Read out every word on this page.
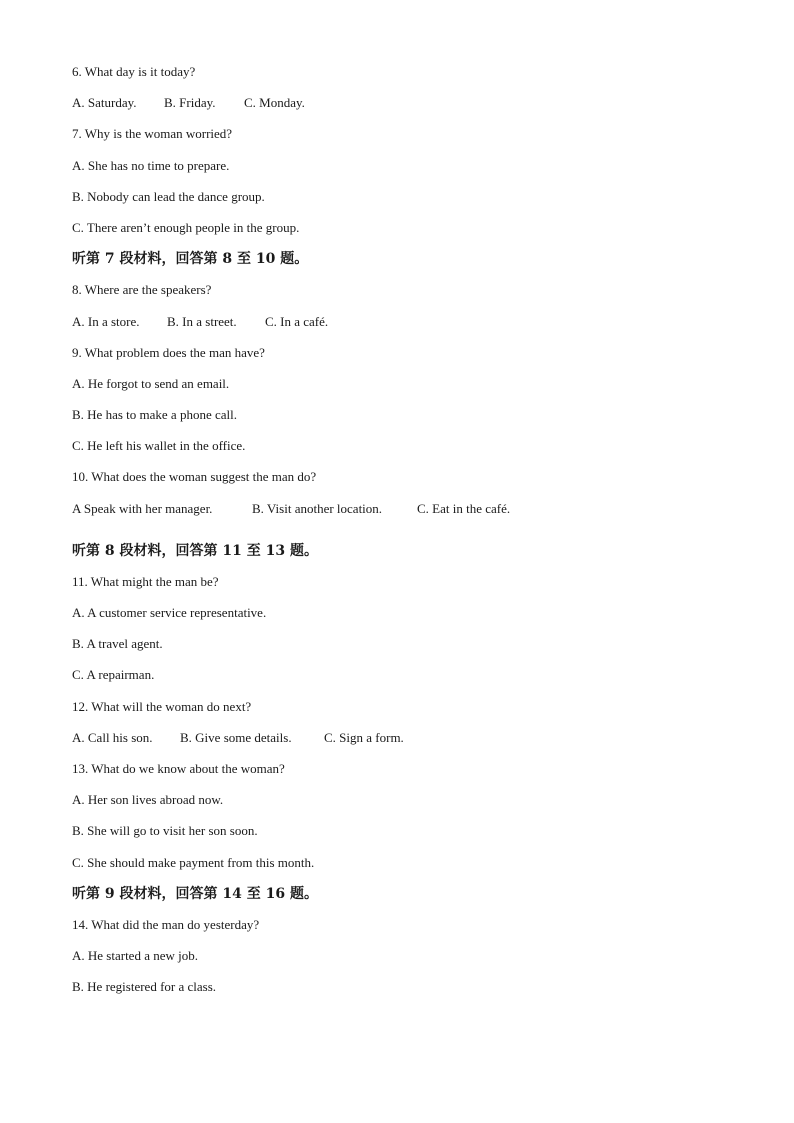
6. What day is it today?
A. Saturday. B. Friday. C. Monday.
7. Why is the woman worried?
A. She has no time to prepare.
B. Nobody can lead the dance group.
C. There aren’t enough people in the group.
听第 7 段材料，回答第 8 至 10 题。
8. Where are the speakers?
A. In a store. B. In a street. C. In a café.
9. What problem does the man have?
A. He forgot to send an email.
B. He has to make a phone call.
C. He left his wallet in the office.
10. What does the woman suggest the man do?
A Speak with her manager.	B. Visit another location.	C. Eat in the café.
听第 8 段材料，回答第 11 至 13 题。
11. What might the man be?
A. A customer service representative.
B. A travel agent.
C. A repairman.
12. What will the woman do next?
A. Call his son. B. Give some details. C. Sign a form.
13. What do we know about the woman?
A. Her son lives abroad now.
B. She will go to visit her son soon.
C. She should make payment from this month.
听第 9 段材料，回答第 14 至 16 题。
14. What did the man do yesterday?
A. He started a new job.
B. He registered for a class.
